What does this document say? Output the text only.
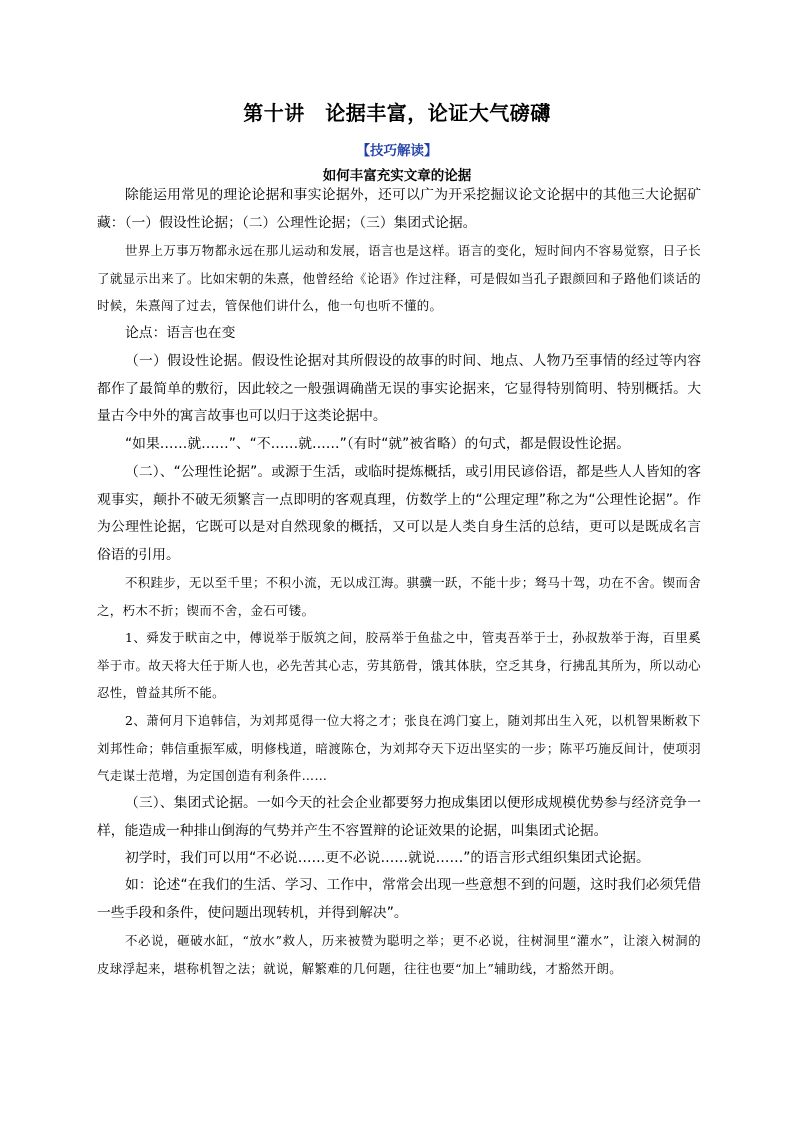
第十讲　论据丰富，论证大气磅礴
【技巧解读】
如何丰富充实文章的论据
除能运用常见的理论论据和事实论据外，还可以广为开采挖掘议论文论据中的其他三大论据矿藏：（一）假设性论据；（二）公理性论据；（三）集团式论据。
世界上万事万物都永远在那儿运动和发展，语言也是这样。语言的变化，短时间内不容易觉察，日子长了就显示出来了。比如宋朝的朱熹，他曾经给《论语》作过注释，可是假如当孔子跟颜回和子路他们谈话的时候，朱熹闯了过去，管保他们讲什么，他一句也听不懂的。
论点：语言也在变
（一）假设性论据。假设性论据对其所假设的故事的时间、地点、人物乃至事情的经过等内容都作了最简单的敷衍，因此较之一般强调确凿无误的事实论据来，它显得特别简明、特别概括。大量古今中外的寓言故事也可以归于这类论据中。
“如果……就……”、“不……就……”（有时“就”被省略）的句式，都是假设性论据。
（二）、“公理性论据”。或源于生活，或临时提炼概括，或引用民谚俗语，都是些人人皆知的客观事实，颠扑不破无须繁言一点即明的客观真理，仿数学上的“公理定理”称之为“公理性论据”。作为公理性论据，它既可以是对自然现象的概括，又可以是人类自身生活的总结，更可以是既成名言俗语的引用。
不积跬步，无以至千里；不积小流，无以成江海。骐骥一跃，不能十步；驽马十驾，功在不舍。锲而舍之，朽木不折；锲而不舍，金石可镂。
1、舜发于畎亩之中，傅说举于版筑之间，胶鬲举于鱼盐之中，管夷吾举于士，孙叔敖举于海，百里奚举于市。故天将大任于斯人也，必先苦其心志，劳其筋骨，饿其体肤，空乏其身，行拂乱其所为，所以动心忍性，曾益其所不能。
2、萧何月下追韩信，为刘邦觅得一位大将之才；张良在鸿门宴上，随刘邦出生入死，以机智果断救下刘邦性命；韩信重振军威，明修栈道，暗渡陈仓，为刘邦夺天下迈出坚实的一步；陈平巧施反间计，使项羽气走谋士范增，为定国创造有利条件……
（三）、集团式论据。一如今天的社会企业都要努力抱成集团以便形成规模优势参与经济竞争一样，能造成一种排山倒海的气势并产生不容置辩的论证效果的论据，叫集团式论据。
初学时，我们可以用“不必说……更不必说……就说……”的语言形式组织集团式论据。
如：论述“在我们的生活、学习、工作中，常常会出现一些意想不到的问题，这时我们必须凭借一些手段和条件，使问题出现转机，并得到解决”。
不必说，砸破水缸，“放水”救人，历来被赞为聪明之举；更不必说，往树洞里“灌水”，让滚入树洞的皮球浮起来，堪称机智之法；就说，解繁难的几何题，往往也要“加上”辅助线，才豁然开朗。
